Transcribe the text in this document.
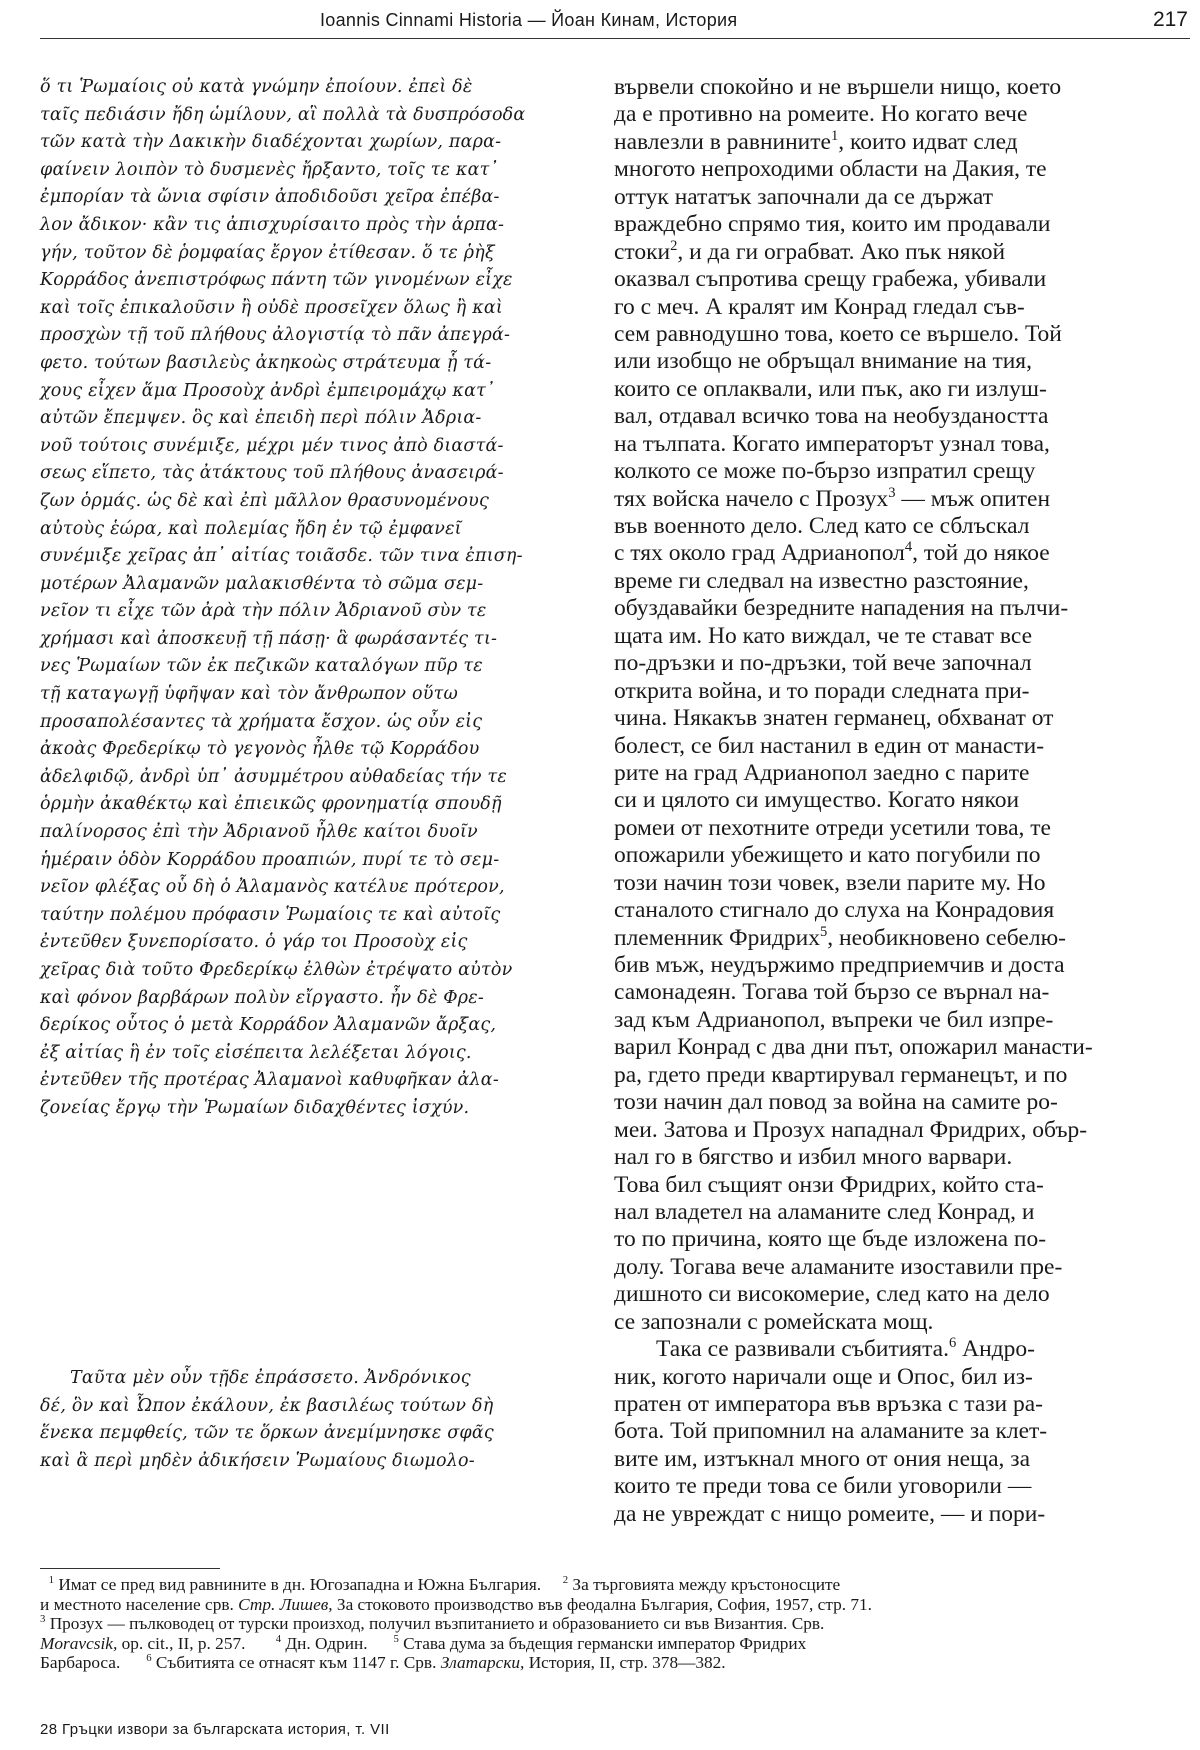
Ioannis Cinnami Historia — Йоан Кинам, История	217
ὅ τι Ῥωμαίοις οὐ κατὰ γνώμην ἐποίουν. ἐπεὶ δὲ
ταῖς πεδιάσιν ἤδη ὡμίλουν, αἳ πολλὰ τὰ δυσπρόσοδα
τῶν κατὰ τὴν Δακικὴν διαδέχονται χωρίων, παρα-
φαίνειν λοιπὸν τὸ δυσμενὲς ἤρξαντο, τοῖς τε κατ᾿
ἐμπορίαν τὰ ὤνια σφίσιν ἀποδιδοῦσι χεῖρα ἐπέβα-
λον ἄδικον· κἂν τις ἀπισχυρίσαιτο πρὸς τὴν ἁρπα-
γήν, τοῦτον δὲ ῥομφαίας ἔργον ἐτίθεσαν. ὅ τε ῥὴξ
Κορράδος ἀνεπιστρόφως πάντη τῶν γινομένων εἶχε
καὶ τοῖς ἐπικαλοῦσιν ἢ οὐδὲ προσεῖχεν ὅλως ἢ καὶ
προσχὼν τῇ τοῦ πλήθους ἀλογιστίᾳ τὸ πᾶν ἀπεγρά-
φετο. τούτων βασιλεὺς ἀκηκοὼς στράτευμα ᾗ τά-
χους εἶχεν ἅμα Προσοὺχ ἀνδρὶ ἐμπειρομάχῳ κατ᾿
αὐτῶν ἔπεμψεν. ὃς καὶ ἐπειδὴ περὶ πόλιν Ἀδρια-
νοῦ τούτοις συνέμιξε, μέχρι μέν τινος ἀπὸ διαστά-
σεως εἵπετο, τὰς ἀτάκτους τοῦ πλήθους ἀνασειρά-
ζων ὁρμάς. ὡς δὲ καὶ ἐπὶ μᾶλλον θρασυνομένους
αὐτοὺς ἑώρα, καὶ πολεμίας ἤδη ἐν τῷ ἐμφανεῖ
συνέμιξε χεῖρας ἀπ᾿ αἰτίας τοιᾶσδε. τῶν τινα ἐπιση-
μοτέρων Ἀλαμανῶν μαλακισθέντα τὸ σῶμα σεμ-
νεῖον τι εἶχε τῶν ἀρὰ τὴν πόλιν Ἀδριανοῦ σὺν τε
χρήμασι καὶ ἀποσκευῇ τῇ πάσῃ· ἃ φωράσαντές τι-
νες Ῥωμαίων τῶν ἐκ πεζικῶν καταλόγων πῦρ τε
τῇ καταγωγῇ ὑφῆψαν καὶ τὸν ἄνθρωπον οὕτω
προσαπολέσαντες τὰ χρήματα ἔσχον. ὡς οὖν εἰς
ἀκοὰς Φρεδερίκῳ τὸ γεγονὸς ἦλθε τῷ Κορράδου
ἀδελφιδῷ, ἀνδρὶ ὑπ᾿ ἀσυμμέτρου αὐθαδείας τήν τε
ὁρμὴν ἀκαθέκτῳ καὶ ἐπιεικῶς φρονηματίᾳ σπουδῇ
παλίνορσος ἐπὶ τὴν Ἀδριανοῦ ἦλθε καίτοι δυοῖν
ἡμέραιν ὁδὸν Κορράδου προαπιών, πυρί τε τὸ σεμ-
νεῖον φλέξας οὗ δὴ ὁ Ἀλαμανὸς κατέλυε πρότερον,
ταύτην πολέμου πρόφασιν Ῥωμαίοις τε καὶ αὐτοῖς
ἐντεῦθεν ξυνεπορίσατο. ὁ γάρ τοι Προσοὺχ εἰς
χεῖρας διὰ τοῦτο Φρεδερίκῳ ἐλθὼν ἐτρέψατο αὐτὸν
καὶ φόνον βαρβάρων πολὺν εἴργαστο. ἦν δὲ Φρε-
δερίκος οὗτος ὁ μετὰ Κορράδον Ἀλαμανῶν ἄρξας,
ἐξ αἰτίας ἣ ἐν τοῖς εἰσέπειτα λελέξεται λόγοις.
ἐντεῦθεν τῆς προτέρας Ἀλαμανοὶ καθυφῆκαν ἀλα-
ζονείας ἔργῳ τὴν Ῥωμαίων διδαχθέντες ἰσχύν.
Ταῦτα μὲν οὖν τῇδε ἐπράσσετο. Ἀνδρόνικος
δέ, ὃν καὶ Ὦπον ἐκάλουν, ἐκ βασιλέως τούτων δὴ
ἕνεκα πεμφθείς, τῶν τε ὅρκων ἀνεμίμνησκε σφᾶς
καὶ ἃ περὶ μηδὲν ἀδικήσειν Ῥωμαίους διωμολο-
вървели спокойно и не вършели нищо, което
да е противно на ромеите. Но когато вече
навлезли в равнините$^1$, които идват след
многото непроходими области на Дакия, те
оттук нататък започнали да се държат
враждебно спрямо тия, които им продавали
стоки$^2$, и да ги ограбват. Ако пък някой
оказвал съпротива срещу грабежа, убивали
го с меч. А кралят им Конрад гледал съв-
сем равнодушно това, което се вършело. Той
или изобщо не обръщал внимание на тия,
които се оплаквали, или пък, ако ги излуш-
вал, отдавал всичко това на необуздаността
на тълпата. Когато императорът узнал това,
колкото се може по-бързо изпратил срещу
тях войска начело с Прозух$^3$ — мъж опитен
във военното дело. След като се сблъскал
с тях около град Адрианопол$^4$, той до някое
време ги следвал на известно разстояние,
обуздавайки безредните нападения на пълчи-
щата им. Но като виждал, че те стават все
по-дръзки и по-дръзки, той вече започнал
открита война, и то поради следната при-
чина. Някакъв знатен германец, обхванат от
болест, се бил настанил в един от манасти-
рите на град Адрианопол заедно с парите
си и цялото си имущество. Когато някои
ромеи от пехотните отреди усетили това, те
опожарили убежището и като погубили по
този начин този човек, взели парите му. Но
станалото стигнало до слуха на Конрадовия
племенник Фридрих$^5$, необикновено себелю-
бив мъж, неудържимо предприемчив и доста
самонадеян. Тогава той бързо се върнал на-
зад към Адрианопол, въпреки че бил изпре-
варил Конрад с два дни път, опожарил манасти-
ра, гдето преди квартирувал германецът, и по
този начин дал повод за война на самите ро-
меи. Затова и Прозух нападнал Фридрих, обър-
нал го в бягство и избил много варвари.
Това бил същият онзи Фридрих, който ста-
нал владетел на аламаните след Конрад, и
то по причина, която ще бъде изложена по-
долу. Тогава вече аламаните изоставили пре-
дишното си високомерие, след като на дело
се запознали с ромейската мощ.
Така се развивали събитията.$^6$ Андро-
ник, когото наричали още и Опос, бил из-
пратен от императора във връзка с тази ра-
бота. Той припомнил на аламаните за клет-
вите им, изтъкнал много от ония неща, за
които те преди това се били уговорили —
да не увреждат с нищо ромеите, — и пори-
$^1$ Имат се пред вид равнините в дн. Югозападна и Южна България. $^2$ За търговията между кръстоносците
и местното население срв. Стр. Лишев, За стоковото производство във феодална България, София, 1957, стр. 71.
$^3$ Прозух — пълководец от турски произход, получил възпитанието и образованието си във Византия. Срв.
Moravcsik, op. cit., II, p. 257.	$^4$ Дн. Одрин. $^5$ Става дума за бъдещия германски император Фридрих
Барбароса. $^6$ Събитията се отнасят към 1147 г. Срв. Златарски, История, II, стр. 378—382.
28 Гръцки извори за българската история, т. VII
